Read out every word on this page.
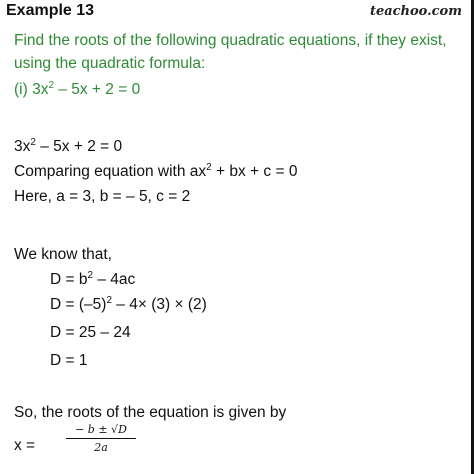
Example 13	teachoo.com
Find the roots of the following quadratic equations, if they exist,
using the quadratic formula:
(i) $3x^2 - 5x + 2 = 0$
$3x^2 - 5x + 2 = 0$
Comparing equation with $ax^2$ + bx + c = 0
Here, a = 3, b = – 5, c = 2
We know that,
$D = b^2 - 4ac$
$D = (-5)^2 - 4\times (3) \times (2)$
D = 25 – 24
D = 1
So, the roots of the equation is given by
x =
− b ± √D
2a
